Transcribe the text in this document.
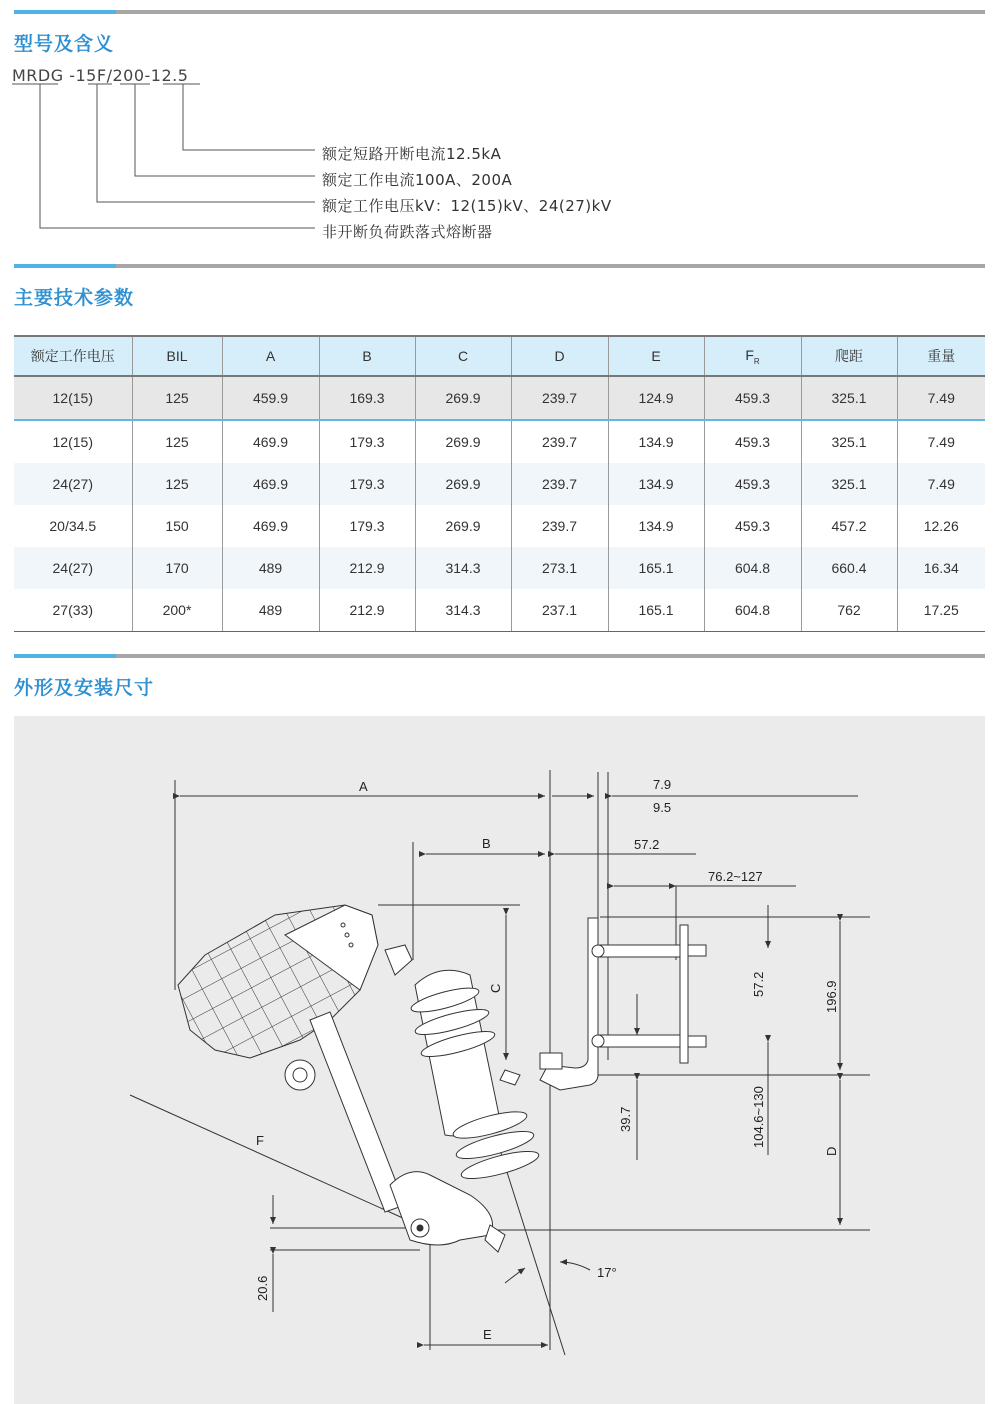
型号及含义
MRDG -15F/200-12.5
额定短路开断电流12.5kA
额定工作电流100A、200A
额定工作电压kV：12(15)kV、24(27)kV
非开断负荷跌落式熔断器
主要技术参数
额定工作电压	BIL	A	B	C	D	E	$F_R$	爬距	重量
12(15)	125	459.9	169.3	269.9	239.7	124.9	459.3	325.1	7.49
12(15)	125	469.9	179.3	269.9	239.7	134.9	459.3	325.1	7.49
24(27)	125	469.9	179.3	269.9	239.7	134.9	459.3	325.1	7.49
20/34.5	150	469.9	179.3	269.9	239.7	134.9	459.3	457.2	12.26
24(27)	170	489	212.9	314.3	273.1	165.1	604.8	660.4	16.34
27(33)	200*	489	212.9	314.3	237.1	165.1	604.8	762	17.25
外形及安装尺寸
A	7.9
9.5
B	57.2
76.2~127
F
E
17°
C	57.2	196.9
D
39.7	104.6~130
20.6
